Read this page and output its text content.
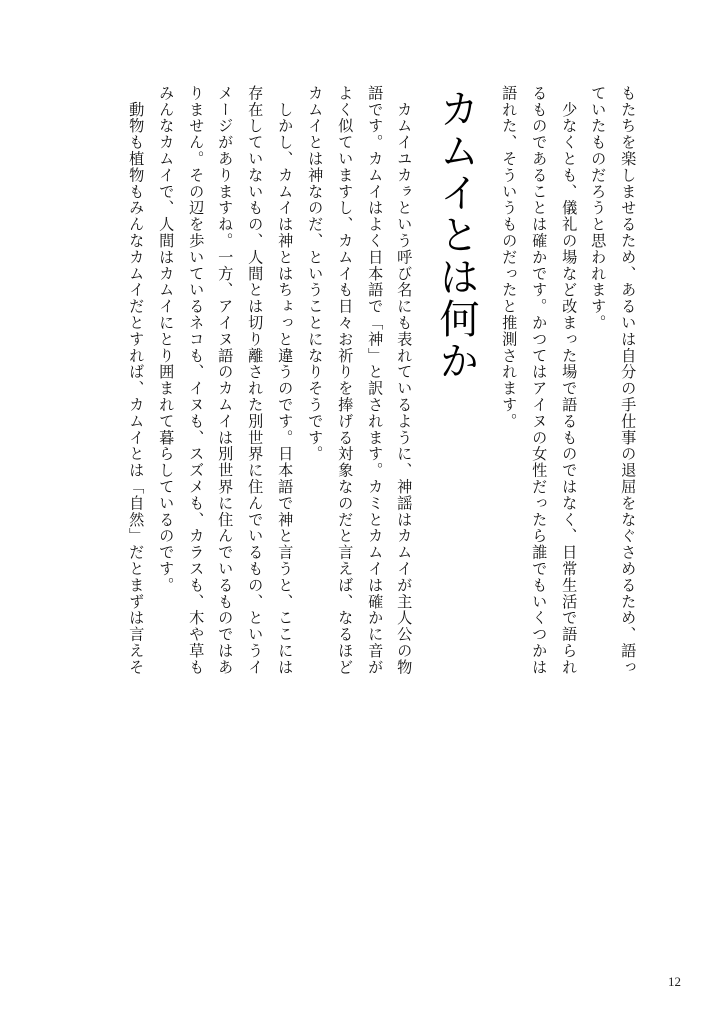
もたちを楽しませるため、あるいは自分の手仕事の退屈をなぐさめるため、語っ
ていたものだろうと思われます。
　少なくとも、儀礼の場など改まった場で語るものではなく、日常生活で語られ
るものであることは確かです。かつてはアイヌの女性だったら誰でもいくつかは
語れた、そういうものだったと推測されます。
カムイとは何か
　カムイユカㇻという呼び名にも表れているように、神謡はカムイが主人公の物
語です。カムイはよく日本語で「神」と訳されます。カミとカムイは確かに音が
よく似ていますし、カムイも日々お祈りを捧げる対象なのだと言えば、なるほど
カムイとは神なのだ、ということになりそうです。
　しかし、カムイは神とはちょっと違うのです。日本語で神と言うと、ここには
存在していないもの、人間とは切り離された別世界に住んでいるもの、というイ
メージがありますね。一方、アイヌ語のカムイは別世界に住んでいるものではあ
りません。その辺を歩いているネコも、イヌも、スズメも、カラスも、木や草も
みんなカムイで、人間はカムイにとり囲まれて暮らしているのです。
　動物も植物もみんなカムイだとすれば、カムイとは「自然」だとまずは言えそ
12
